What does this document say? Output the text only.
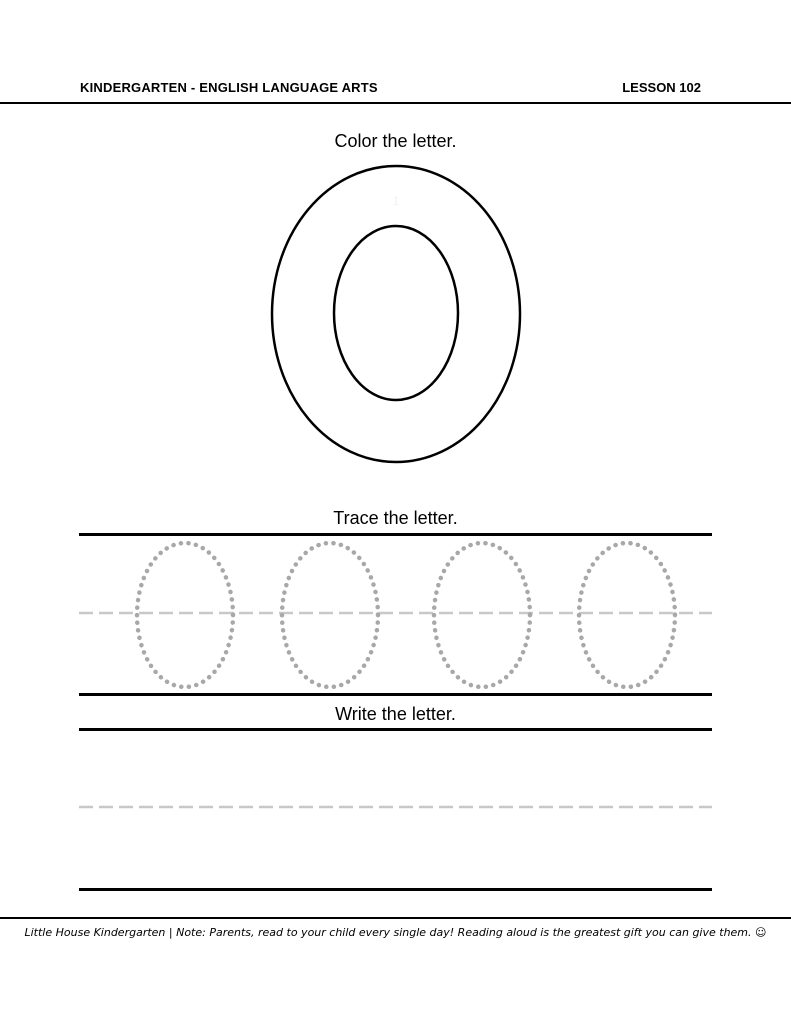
KINDERGARTEN - ENGLISH LANGUAGE ARTS	LESSON 102
Color the letter.
1
Trace the letter.
Write the letter.
Little House Kindergarten | Note: Parents, read to your child every single day! Reading aloud is the greatest gift you can give them. ☺
